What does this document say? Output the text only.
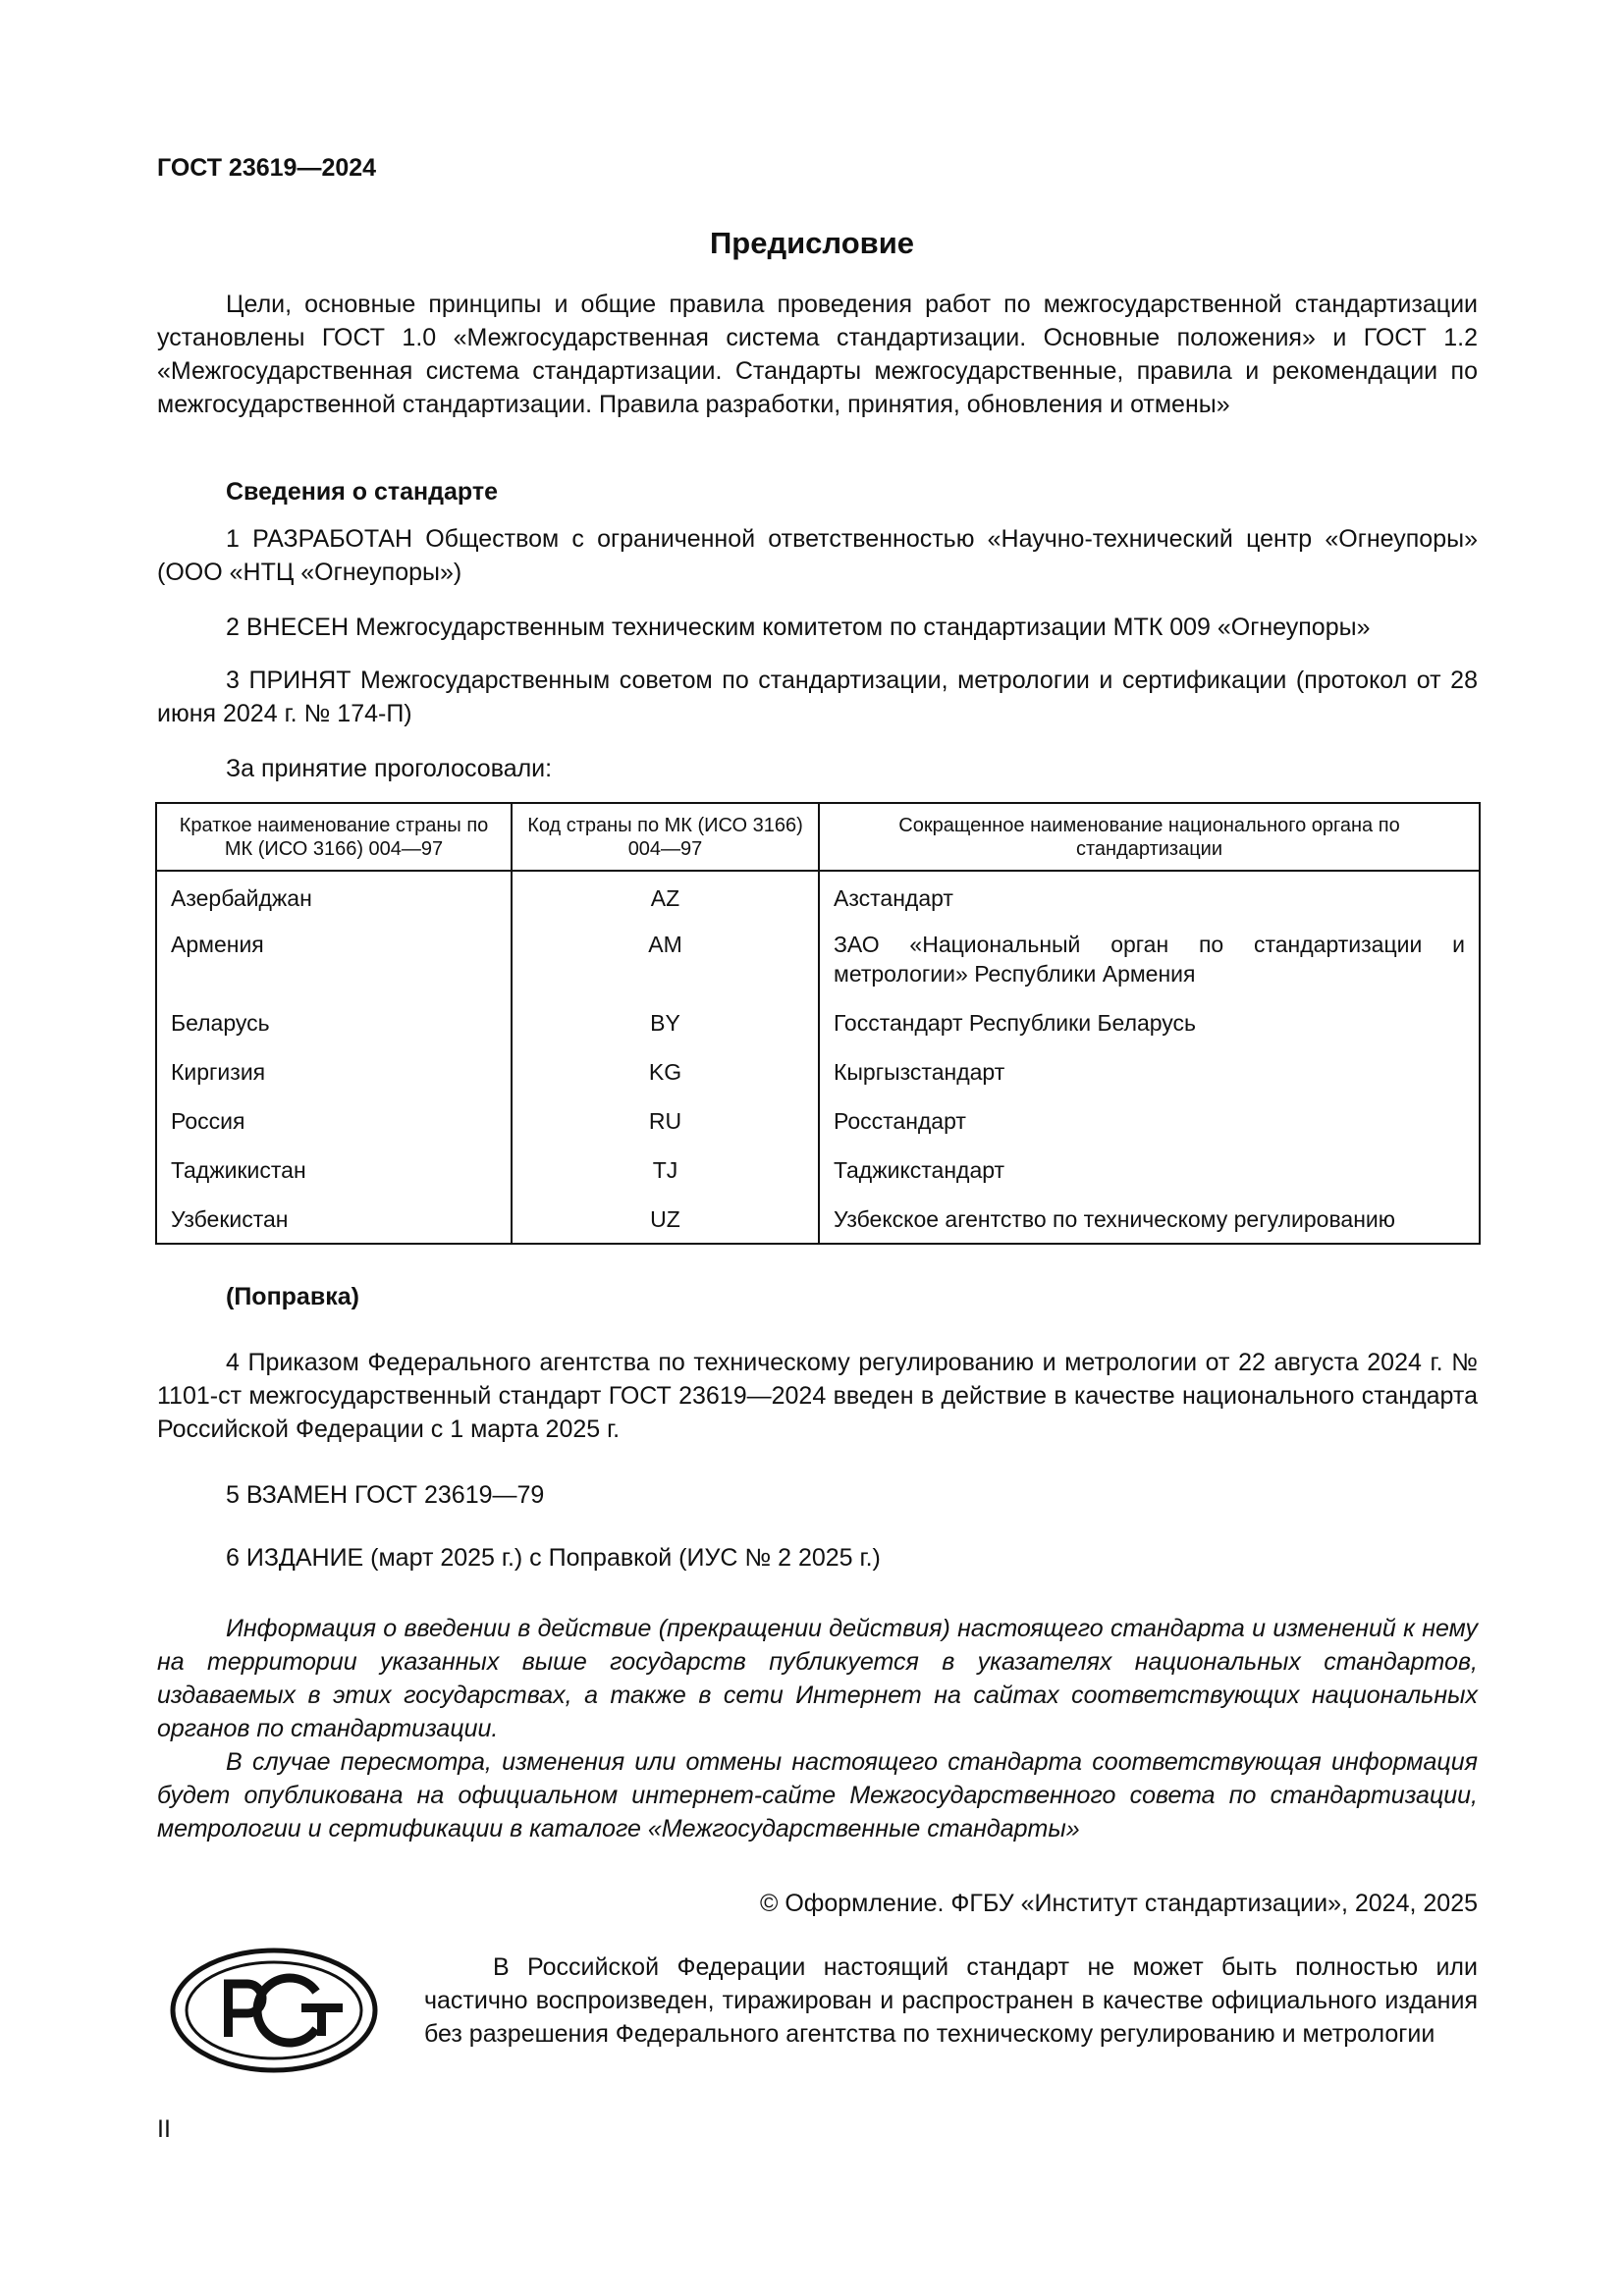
ГОСТ 23619—2024
Предисловие
Цели, основные принципы и общие правила проведения работ по межгосударственной стандартизации установлены ГОСТ 1.0 «Межгосударственная система стандартизации. Основные положения» и ГОСТ 1.2 «Межгосударственная система стандартизации. Стандарты межгосударственные, правила и рекомендации по межгосударственной стандартизации. Правила разработки, принятия, обновления и отмены»
Сведения о стандарте
1 РАЗРАБОТАН Обществом с ограниченной ответственностью «Научно-технический центр «Огнеупоры» (ООО «НТЦ «Огнеупоры»)
2 ВНЕСЕН Межгосударственным техническим комитетом по стандартизации МТК 009 «Огнеупоры»
3 ПРИНЯТ Межгосударственным советом по стандартизации, метрологии и сертификации (протокол от 28 июня 2024 г. № 174-П)
За принятие проголосовали:
Краткое наименование страны по МК (ИСО 3166) 004—97	Код страны по МК (ИСО 3166) 004—97	Сокращенное наименование национального органа по стандартизации
Азербайджан	AZ	Азстандарт
Армения	AM	ЗАО «Национальный орган по стандартизации и метрологии» Республики Армения
Беларусь	BY	Госстандарт Республики Беларусь
Киргизия	KG	Кыргызстандарт
Россия	RU	Росстандарт
Таджикистан	TJ	Таджикстандарт
Узбекистан	UZ	Узбекское агентство по техническому регулированию
(Поправка)
4 Приказом Федерального агентства по техническому регулированию и метрологии от 22 августа 2024 г. № 1101-ст межгосударственный стандарт ГОСТ 23619—2024 введен в действие в качестве национального стандарта Российской Федерации с 1 марта 2025 г.
5 ВЗАМЕН ГОСТ 23619—79
6 ИЗДАНИЕ (март 2025 г.) с Поправкой (ИУС № 2 2025 г.)
Информация о введении в действие (прекращении действия) настоящего стандарта и изменений к нему на территории указанных выше государств публикуется в указателях национальных стандартов, издаваемых в этих государствах, а также в сети Интернет на сайтах соответствующих национальных органов по стандартизации.
В случае пересмотра, изменения или отмены настоящего стандарта соответствующая информация будет опубликована на официальном интернет-сайте Межгосударственного совета по стандартизации, метрологии и сертификации в каталоге «Межгосударственные стандарты»
© Оформление. ФГБУ «Институт стандартизации», 2024, 2025
В Российской Федерации настоящий стандарт не может быть полностью или частично воспроизведен, тиражирован и распространен в качестве официального издания без разрешения Федерального агентства по техническому регулированию и метрологии
II
